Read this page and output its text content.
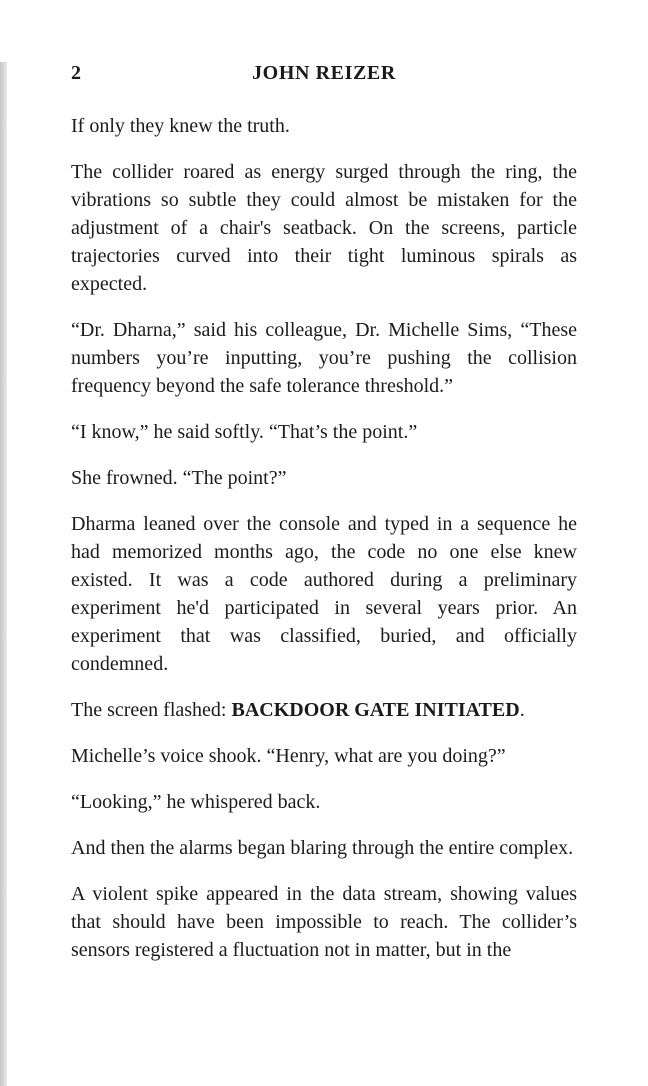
2	JOHN REIZER

If only they knew the truth.

The collider roared as energy surged through the ring, the vibrations so subtle they could almost be mistaken for the adjustment of a chair's seatback. On the screens, particle trajectories curved into their tight luminous spirals as expected.

“Dr. Dharna,” said his colleague, Dr. Michelle Sims, “These numbers you’re inputting, you’re pushing the collision frequency beyond the safe tolerance threshold.”

“I know,” he said softly. “That’s the point.”

She frowned. “The point?”

Dharma leaned over the console and typed in a sequence he had memorized months ago, the code no one else knew existed. It was a code authored during a preliminary experiment he'd participated in several years prior. An experiment that was classified, buried, and officially condemned.

The screen flashed: BACKDOOR GATE INITIATED.

Michelle’s voice shook. “Henry, what are you doing?”

“Looking,” he whispered back.

And then the alarms began blaring through the entire complex.

A violent spike appeared in the data stream, showing values that should have been impossible to reach. The collider’s sensors registered a fluctuation not in matter, but in the
